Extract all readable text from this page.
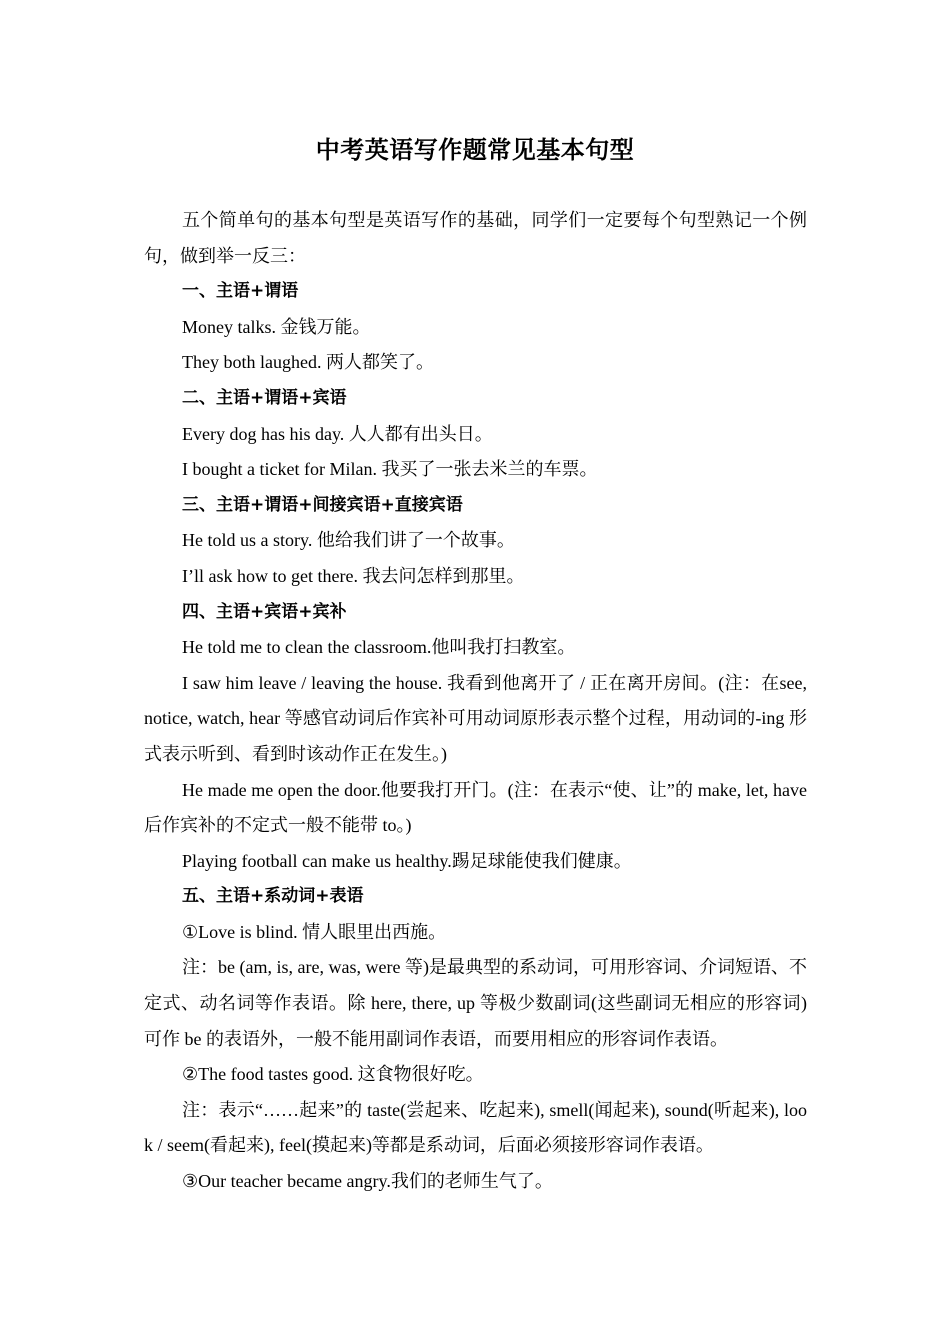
中考英语写作题常见基本句型

五个简单句的基本句型是英语写作的基础，同学们一定要每个句型熟记一个例句，做到举一反三：

一、主语+谓语

Money talks. 金钱万能。

They both laughed. 两人都笑了。

二、主语+谓语+宾语

Every dog has his day. 人人都有出头日。

I bought a ticket for Milan. 我买了一张去米兰的车票。

三、主语+谓语+间接宾语+直接宾语

He told us a story. 他给我们讲了一个故事。

I’ll ask how to get there. 我去问怎样到那里。

四、主语+宾语+宾补

He told me to clean the classroom.他叫我打扫教室。

I saw him leave / leaving the house. 我看到他离开了 / 正在离开房间。(注：在see, notice, watch, hear 等感官动词后作宾补可用动词原形表示整个过程，用动词的-ing 形式表示听到、看到时该动作正在发生。)

He made me open the door.他要我打开门。(注：在表示“使、让”的 make, let, have 后作宾补的不定式一般不能带 to。)

Playing football can make us healthy.踢足球能使我们健康。

五、主语+系动词+表语

①Love is blind. 情人眼里出西施。

注：be (am, is, are, was, were 等)是最典型的系动词，可用形容词、介词短语、不定式、动名词等作表语。除 here, there, up 等极少数副词(这些副词无相应的形容词) 可作 be 的表语外，一般不能用副词作表语，而要用相应的形容词作表语。

②The food tastes good. 这食物很好吃。

注：表示“……起来”的 taste(尝起来、吃起来), smell(闻起来), sound(听起来), look / seem(看起来), feel(摸起来)等都是系动词，后面必须接形容词作表语。

③Our teacher became angry.我们的老师生气了。
